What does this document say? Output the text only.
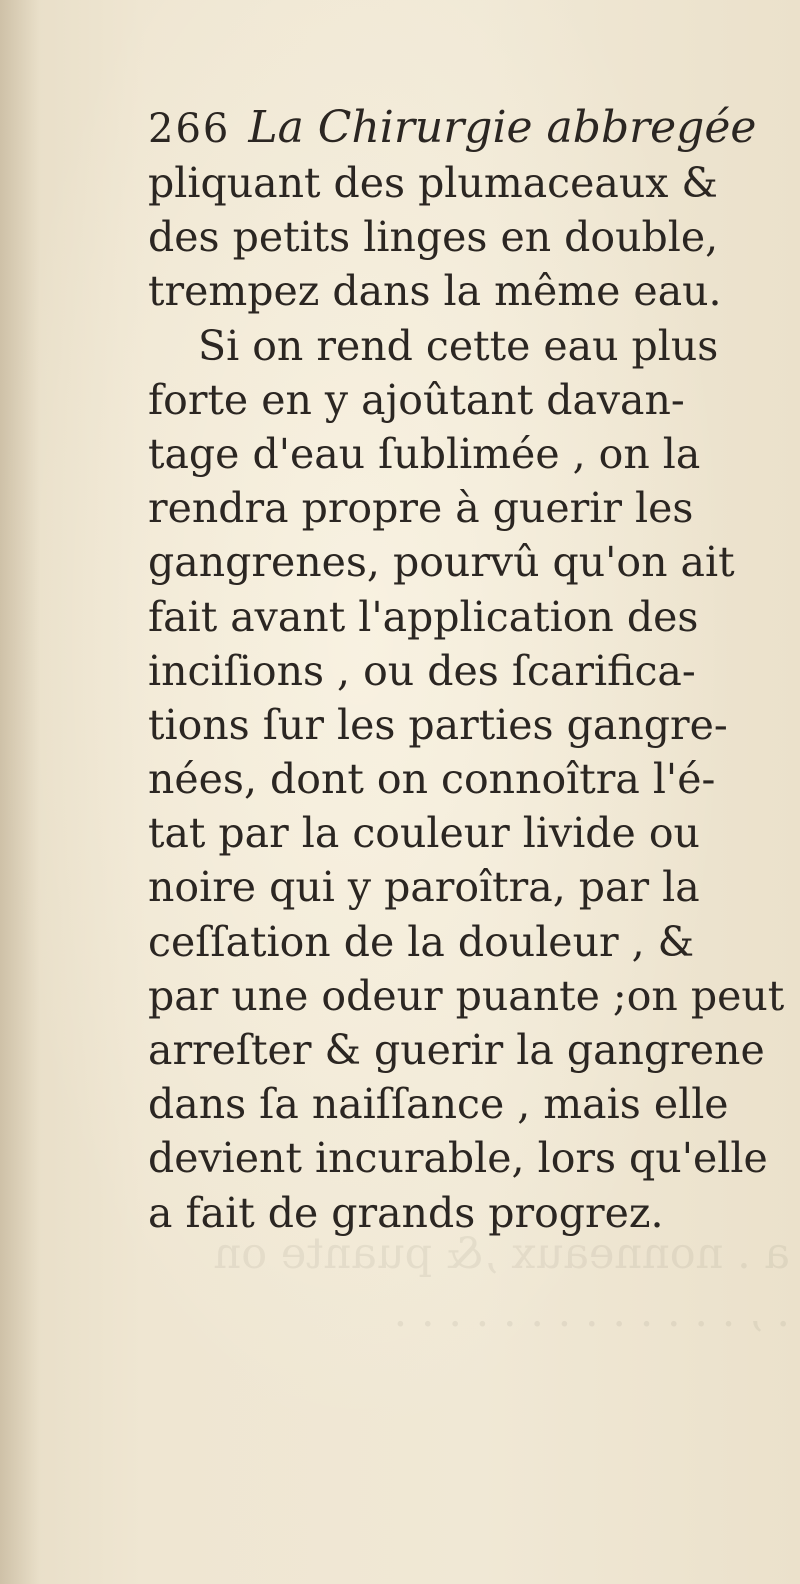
a . nonneaux ,& puante on
. , . . . . . . . . . . . . .
266 La Chirurgie abbregée
pliquant des plumaceaux &
des petits linges en double,
trempez dans la même eau.
Si on rend cette eau plus
forte en y ajoûtant davan-
tage d'eau ſublimée , on la
rendra propre à guerir les
gangrenes, pourvû qu'on ait
fait avant l'application des
inciſions , ou des ſcarifica-
tions ſur les parties gangre-
nées, dont on connoîtra l'é-
tat par la couleur livide ou
noire qui y paroîtra, par la
ceſſation de la douleur , &
par une odeur puante ;on peut
arreſter & guerir la gangrene
dans ſa naiſſance , mais elle
devient incurable, lors qu'elle
a fait de grands progrez.
